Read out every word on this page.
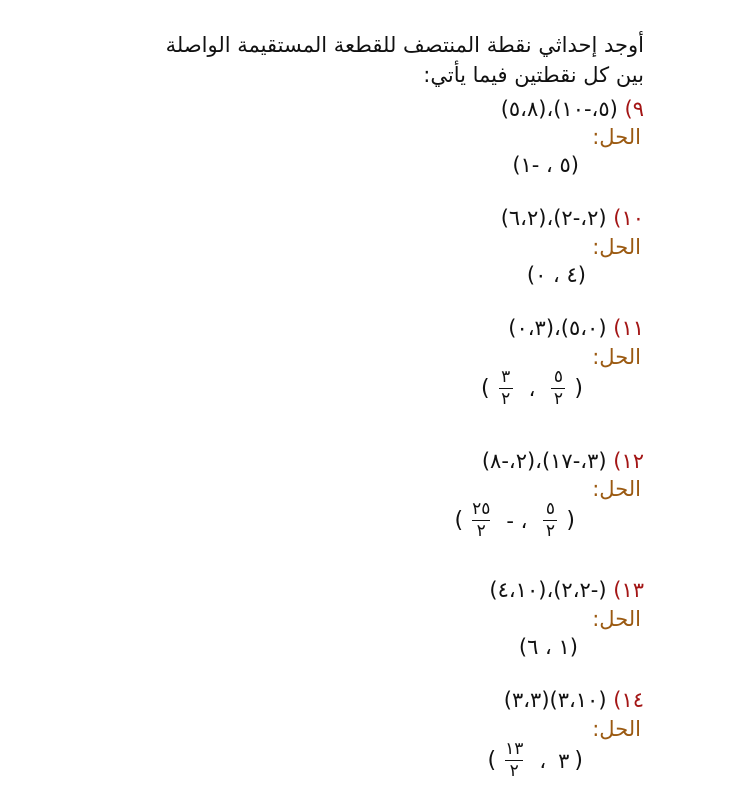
أوجد إحداثي نقطة المنتصف للقطعة المستقيمة الواصلة
بين كل نقطتين فيما يأتي:
٩) (٥،-١٠)،(٥،٨)
الحل:
(٥ ، -١)
١٠) (٢،-٢)،(٦،٢)
الحل:
(٤ ، ٠)
١١) (٥،٠)،(٠،٣)
الحل:
(
$\frac{٥}{٢}$
،
$\frac{٣}{٢}$
)
١٢) (٣،-١٧)،(٢،-٨)
الحل:
(
$\frac{٥}{٢}$
، -
$\frac{٢٥}{٢}$
)
١٣) (-٢،٢)،(٤،١٠)
الحل:
(١ ، ٦)
١٤) (٣،١٠)(٣،٣)
الحل:
(
٣
،
$\frac{١٣}{٢}$
)
